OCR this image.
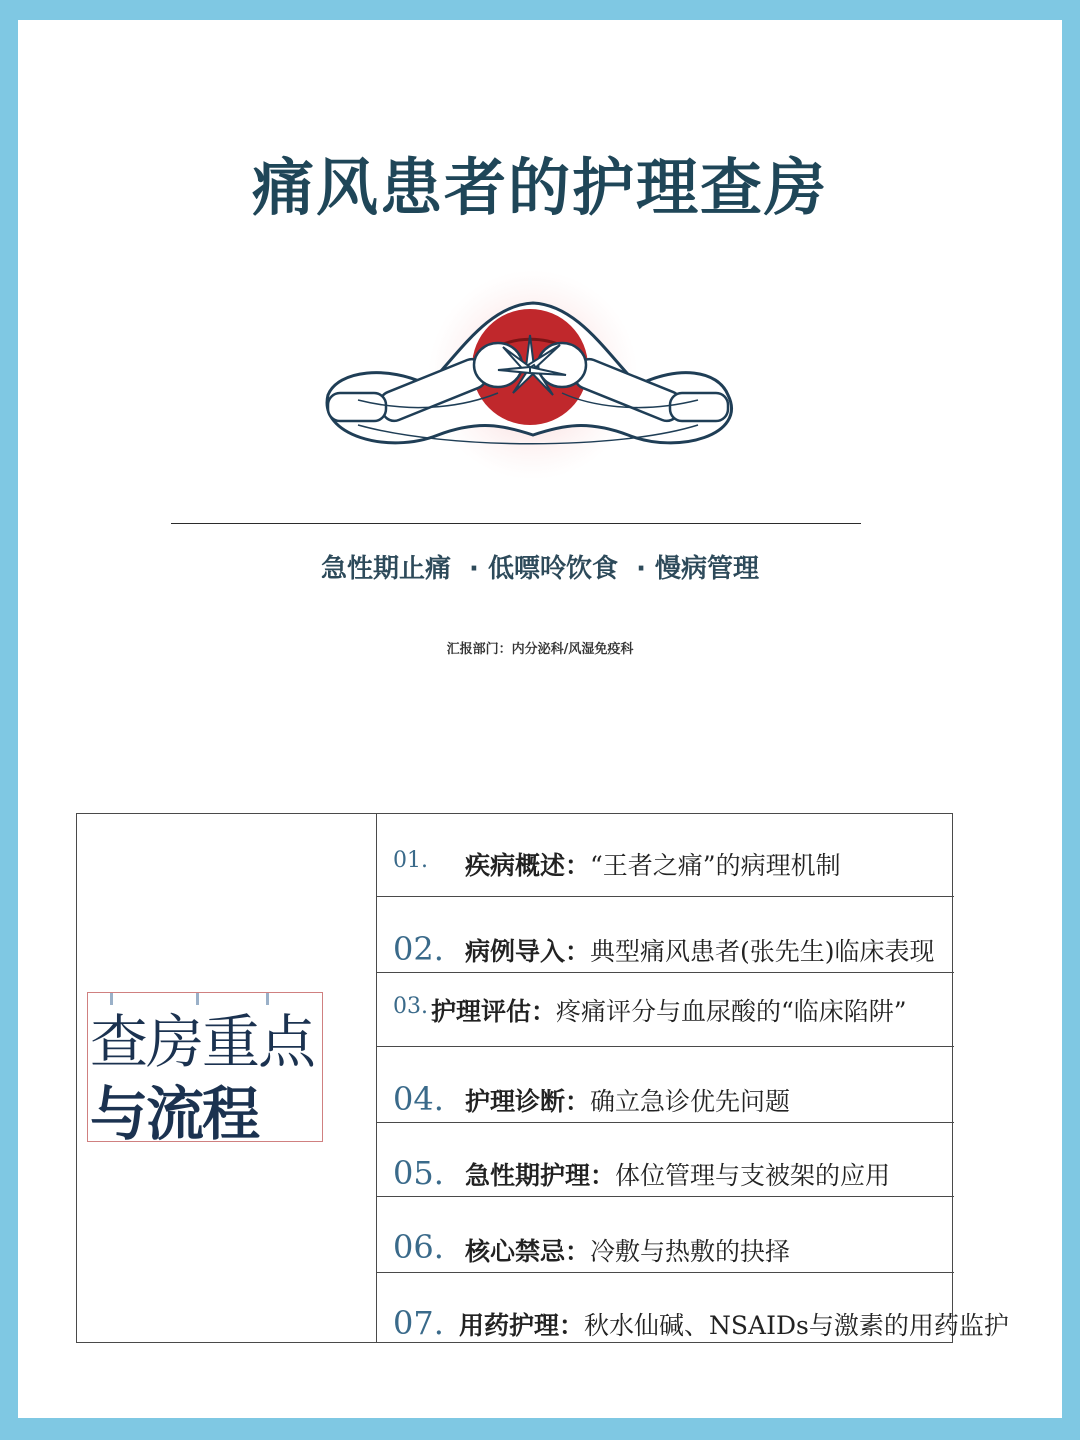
痛风患者的护理查房
急性期止痛  · 低嘌呤饮食  · 慢病管理
汇报部门：内分泌科/风湿免疫科
查房重点
与流程
01. 疾病概述：“王者之痛”的病理机制
02. 病例导入：典型痛风患者(张先生)临床表现
03. 护理评估：疼痛评分与血尿酸的“临床陷阱”
04. 护理诊断：确立急诊优先问题
05. 急性期护理：体位管理与支被架的应用
06. 核心禁忌：冷敷与热敷的抉择
07. 用药护理：秋水仙碱、NSAIDs与激素的用药监护
